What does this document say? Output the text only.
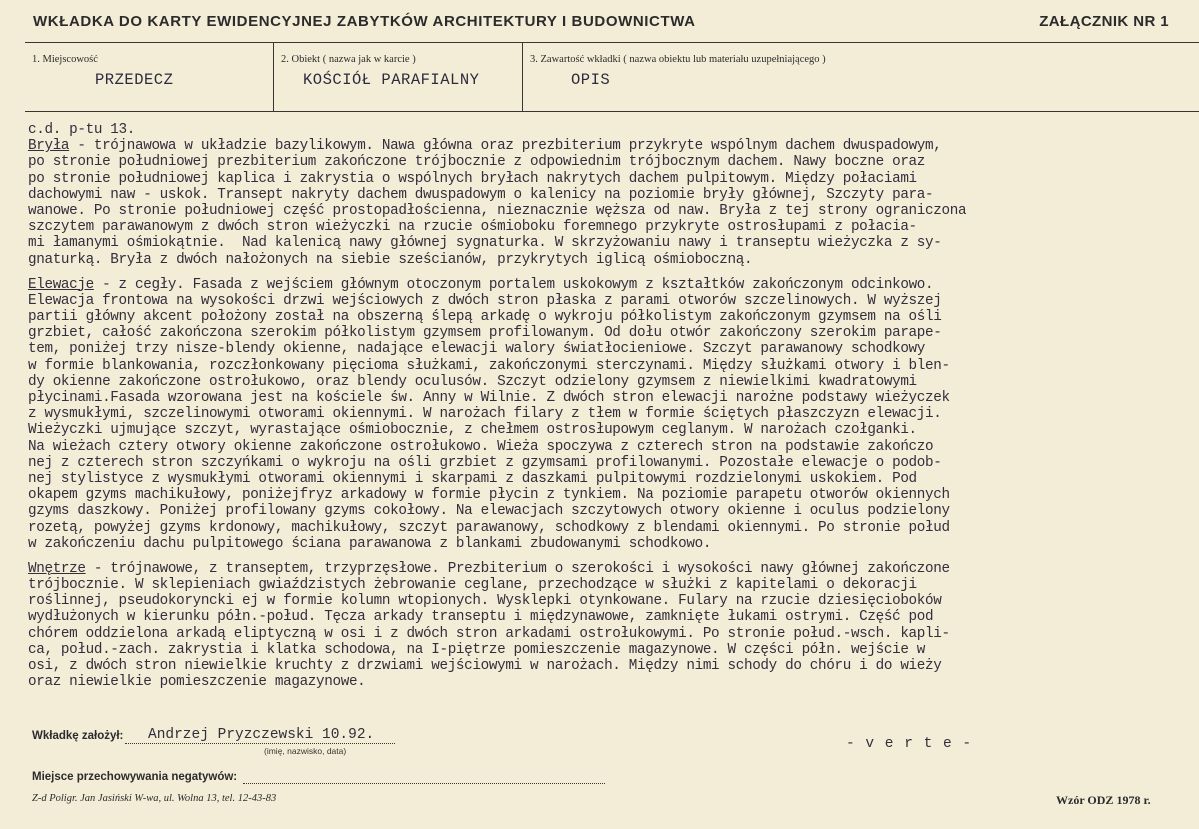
WKŁADKA DO KARTY EWIDENCYJNEJ ZABYTKÓW ARCHITEKTURY I BUDOWNICTWA	ZAŁĄCZNIK NR 1
1. Miejscowość
PRZEDECZ
2. Obiekt ( nazwa jak w karcie )
KOŚCIÓŁ PARAFIALNY
3. Zawartość wkładki ( nazwa obiektu lub materiału uzupełniającego )
OPIS
c.d. p-tu 13.
Bryła - trójnawowa w układzie bazylikowym. Nawa główna oraz prezbiterium przykryte wspólnym dachem dwuspadowym,
po stronie południowej prezbiterium zakończone trójbocznie z odpowiednim trójbocznym dachem. Nawy boczne oraz
po stronie południowej kaplica i zakrystia o wspólnych bryłach nakrytych dachem pulpitowym. Między połaciami
dachowymi naw - uskok. Transept nakryty dachem dwuspadowym o kalenicy na poziomie bryły głównej, Szczyty para-
wanowe. Po stronie południowej część prostopadłościenna, nieznacznie węższa od naw. Bryła z tej strony ograniczona
szczytem parawanowym z dwóch stron wieżyczki na rzucie ośmioboku foremnego przykryte ostrosłupami z połacia-
mi łamanymi ośmiokątnie.  Nad kalenicą nawy głównej sygnaturka. W skrzyżowaniu nawy i transeptu wieżyczka z sy-
gnaturką. Bryła z dwóch nałożonych na siebie sześcianów, przykrytych iglicą ośmioboczną.
Elewacje - z cegły. Fasada z wejściem głównym otoczonym portalem uskokowym z kształtków zakończonym odcinkowo.
Elewacja frontowa na wysokości drzwi wejściowych z dwóch stron płaska z parami otworów szczelinowych. W wyższej
partii główny akcent położony został na obszerną ślepą arkadę o wykroju półkolistym zakończonym gzymsem na ośli
grzbiet, całość zakończona szerokim półkolistym gzymsem profilowanym. Od dołu otwór zakończony szerokim parape-
tem, poniżej trzy nisze-blendy okienne, nadające elewacji walory światłocieniowe. Szczyt parawanowy schodkowy
w formie blankowania, rozczłonkowany pięcioma służkami, zakończonymi sterczynami. Między służkami otwory i blen-
dy okienne zakończone ostrołukowo, oraz blendy oculusów. Szczyt odzielony gzymsem z niewielkimi kwadratowymi
płycinami.Fasada wzorowana jest na kościele św. Anny w Wilnie. Z dwóch stron elewacji narożne podstawy wieżyczek
z wysmukłymi, szczelinowymi otworami okiennymi. W narożach filary z tłem w formie ściętych płaszczyzn elewacji.
Wieżyczki ujmujące szczyt, wyrastające ośmiobocznie, z chełmem ostrosłupowym ceglanym. W narożach czołganki.
Na wieżach cztery otwory okienne zakończone ostrołukowo. Wieża spoczywa z czterech stron na podstawie zakończo
nej z czterech stron szczyńkami o wykroju na ośli grzbiet z gzymsami profilowanymi. Pozostałe elewacje o podob-
nej stylistyce z wysmukłymi otworami okiennymi i skarpami z daszkami pulpitowymi rozdzielonymi uskokiem. Pod
okapem gzyms machikułowy, poniżejfryz arkadowy w formie płycin z tynkiem. Na poziomie parapetu otworów okiennych
gzyms daszkowy. Poniżej profilowany gzyms cokołowy. Na elewacjach szczytowych otwory okienne i oculus podzielony
rozetą, powyżej gzyms krdonowy, machikułowy, szczyt parawanowy, schodkowy z blendami okiennymi. Po stronie połud
w zakończeniu dachu pulpitowego ściana parawanowa z blankami zbudowanymi schodkowo.
Wnętrze - trójnawowe, z transeptem, trzyprzęsłowe. Prezbiterium o szerokości i wysokości nawy głównej zakończone
trójbocznie. W sklepieniach gwiaździstych żebrowanie ceglane, przechodzące w służki z kapitelami o dekoracji
roślinnej, pseudokoryncki ej w formie kolumn wtopionych. Wysklepki otynkowane. Fulary na rzucie dziesięcioboków
wydłużonych w kierunku półn.-połud. Tęcza arkady transeptu i międzynawowe, zamknięte łukami ostrymi. Część pod
chórem oddzielona arkadą eliptyczną w osi i z dwóch stron arkadami ostrołukowymi. Po stronie połud.-wsch. kapli-
ca, połud.-zach. zakrystia i klatka schodowa, na I-piętrze pomieszczenie magazynowe. W części półn. wejście w
osi, z dwóch stron niewielkie kruchty z drzwiami wejściowymi w narożach. Między nimi schody do chóru i do wieży
oraz niewielkie pomieszczenie magazynowe.
Wkładkę założył: Andrzej Pryzczewski 10.92.
(imię, nazwisko, data)	- v e r t e -
Miejsce przechowywania negatywów:
Z-d Poligr. Jan Jasiński W-wa, ul. Wolna 13, tel. 12-43-83	Wzór ODZ 1978 r.
